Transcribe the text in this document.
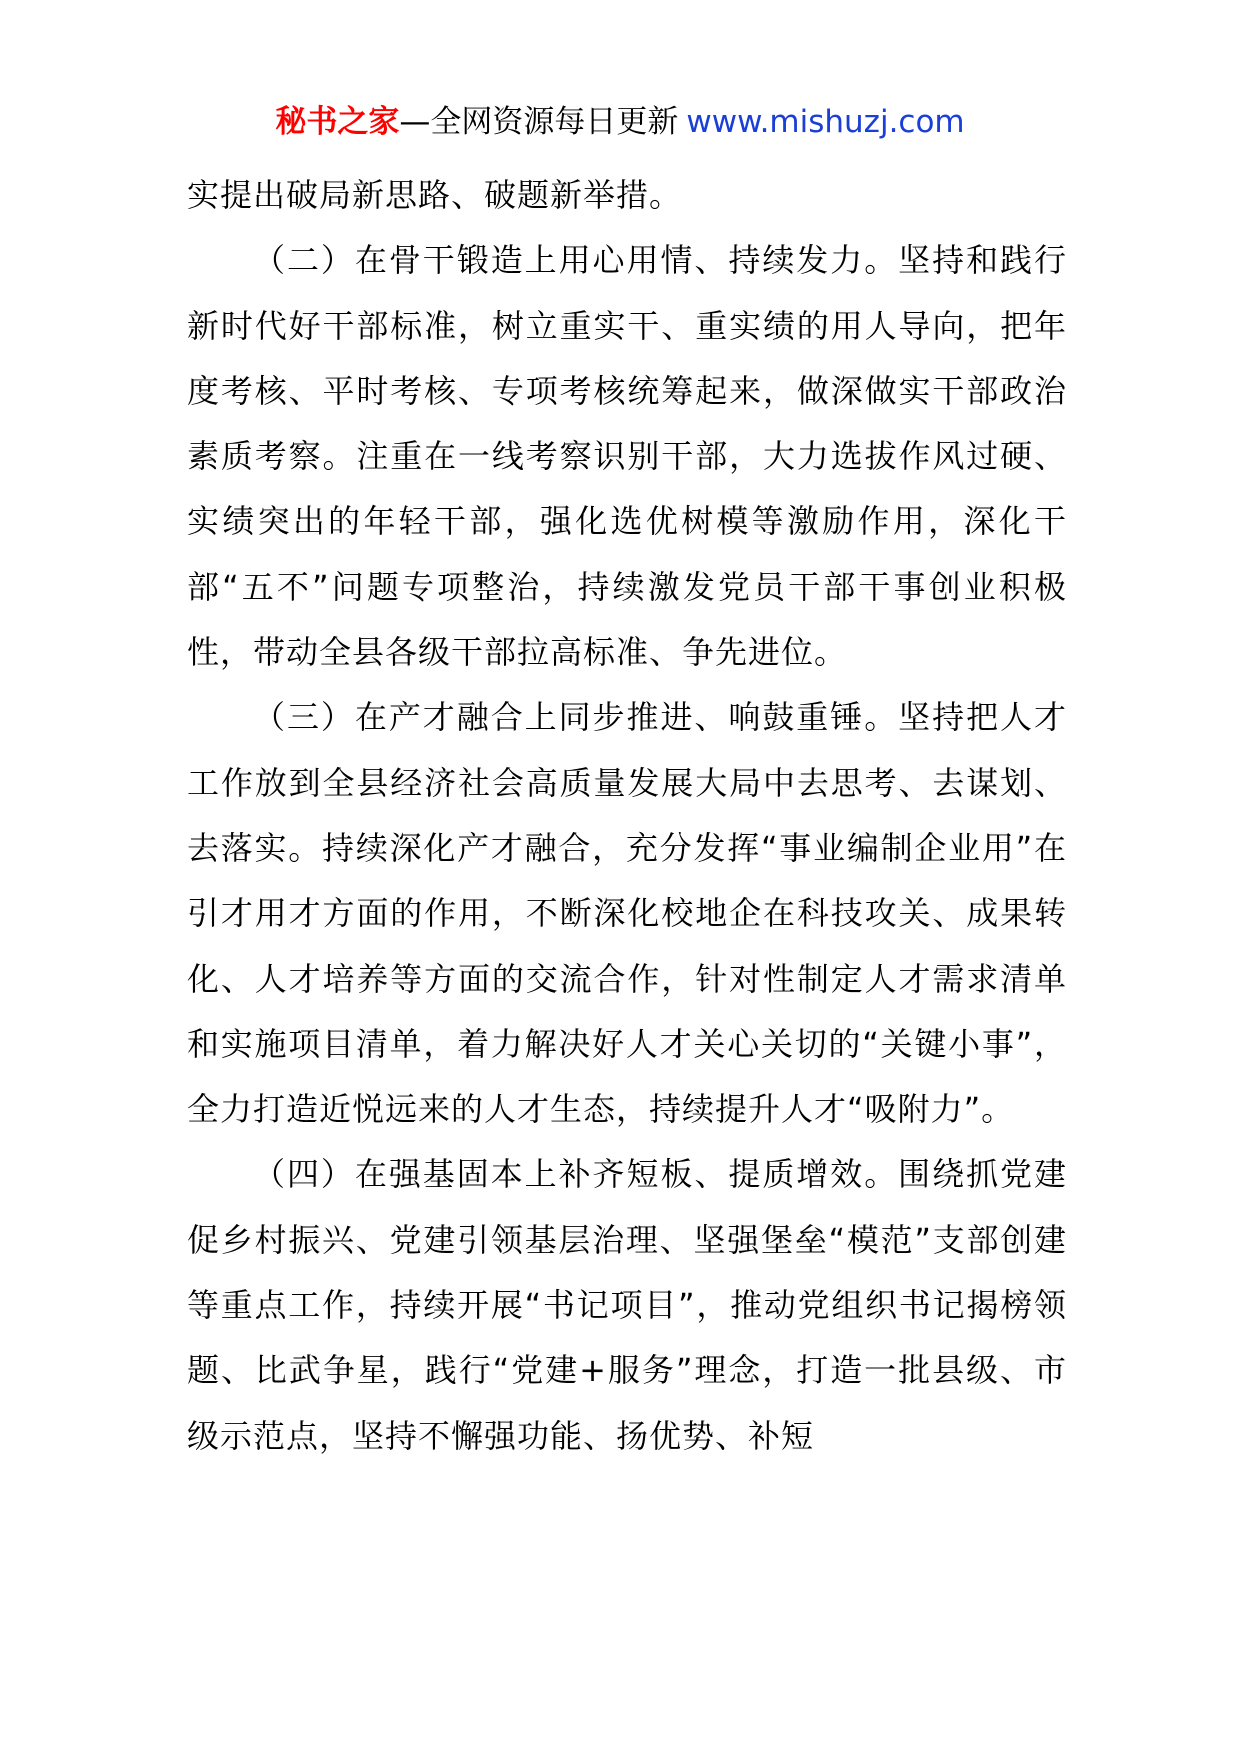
秘书之家—全网资源每日更新 www.mishuzj.com

实提出破局新思路、破题新举措。

（二）在骨干锻造上用心用情、持续发力。坚持和践行新时代好干部标准，树立重实干、重实绩的用人导向，把年度考核、平时考核、专项考核统筹起来，做深做实干部政治素质考察。注重在一线考察识别干部，大力选拔作风过硬、实绩突出的年轻干部，强化选优树模等激励作用，深化干部“五不”问题专项整治，持续激发党员干部干事创业积极性，带动全县各级干部拉高标准、争先进位。

（三）在产才融合上同步推进、响鼓重锤。坚持把人才工作放到全县经济社会高质量发展大局中去思考、去谋划、去落实。持续深化产才融合，充分发挥“事业编制企业用”在引才用才方面的作用，不断深化校地企在科技攻关、成果转化、人才培养等方面的交流合作，针对性制定人才需求清单和实施项目清单，着力解决好人才关心关切的“关键小事”，全力打造近悦远来的人才生态，持续提升人才“吸附力”。

（四）在强基固本上补齐短板、提质增效。围绕抓党建促乡村振兴、党建引领基层治理、坚强堡垒“模范”支部创建等重点工作，持续开展“书记项目”，推动党组织书记揭榜领题、比武争星，践行“党建+服务”理念，打造一批县级、市级示范点，坚持不懈强功能、扬优势、补短
